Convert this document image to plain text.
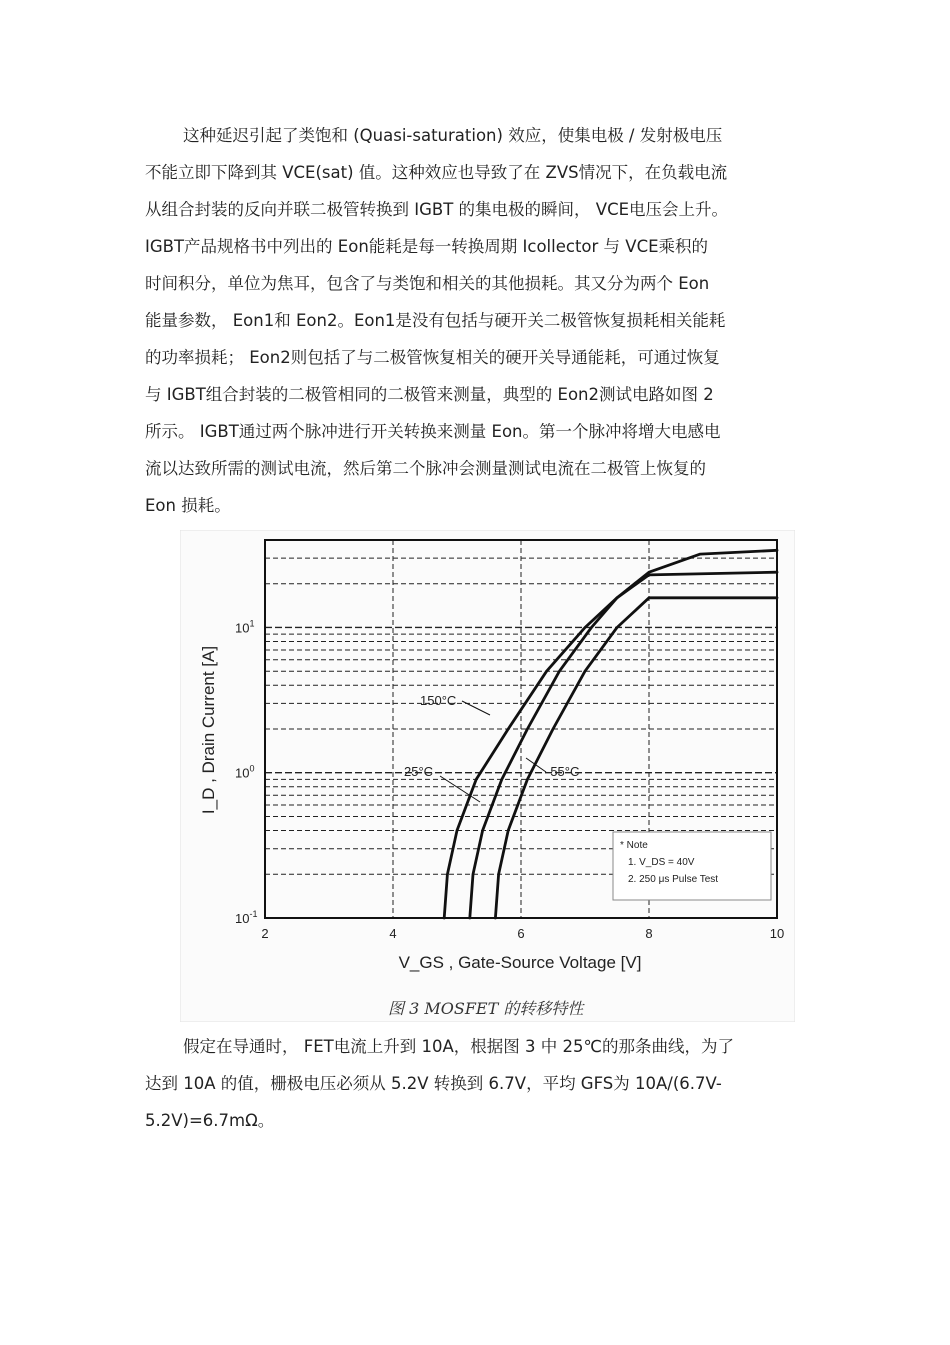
这种延迟引起了类饱和 (Quasi-saturation) 效应，使集电极 / 发射极电压
不能立即下降到其 VCE(sat) 值。这种效应也导致了在 ZVS情况下，在负载电流
从组合封装的反向并联二极管转换到 IGBT 的集电极的瞬间， VCE电压会上升。
IGBT产品规格书中列出的 Eon能耗是每一转换周期 Icollector 与 VCE乘积的
时间积分，单位为焦耳，包含了与类饱和相关的其他损耗。其又分为两个 Eon
能量参数， Eon1和 Eon2。Eon1是没有包括与硬开关二极管恢复损耗相关能耗
的功率损耗； Eon2则包括了与二极管恢复相关的硬开关导通能耗，可通过恢复
与 IGBT组合封装的二极管相同的二极管来测量，典型的 Eon2测试电路如图 2
所示。 IGBT通过两个脉冲进行开关转换来测量 Eon。第一个脉冲将增大电感电
流以达致所需的测试电流，然后第二个脉冲会测量测试电流在二极管上恢复的
Eon 损耗。
2	4	6	8	10
$10^{-1}$
$10^0$
$10^1$
150°C
25°C	-55°C
* Note
1. V_DS = 40V
2. 250 μs Pulse Test
V_GS , Gate-Source Voltage [V]
I_D , Drain Current [A]
图 3 MOSFET 的转移特性
假定在导通时， FET电流上升到 10A，根据图 3 中 25℃的那条曲线，为了
达到 10A 的值，栅极电压必须从 5.2V 转换到 6.7V，平均 GFS为 10A/(6.7V-
5.2V)=6.7mΩ。
